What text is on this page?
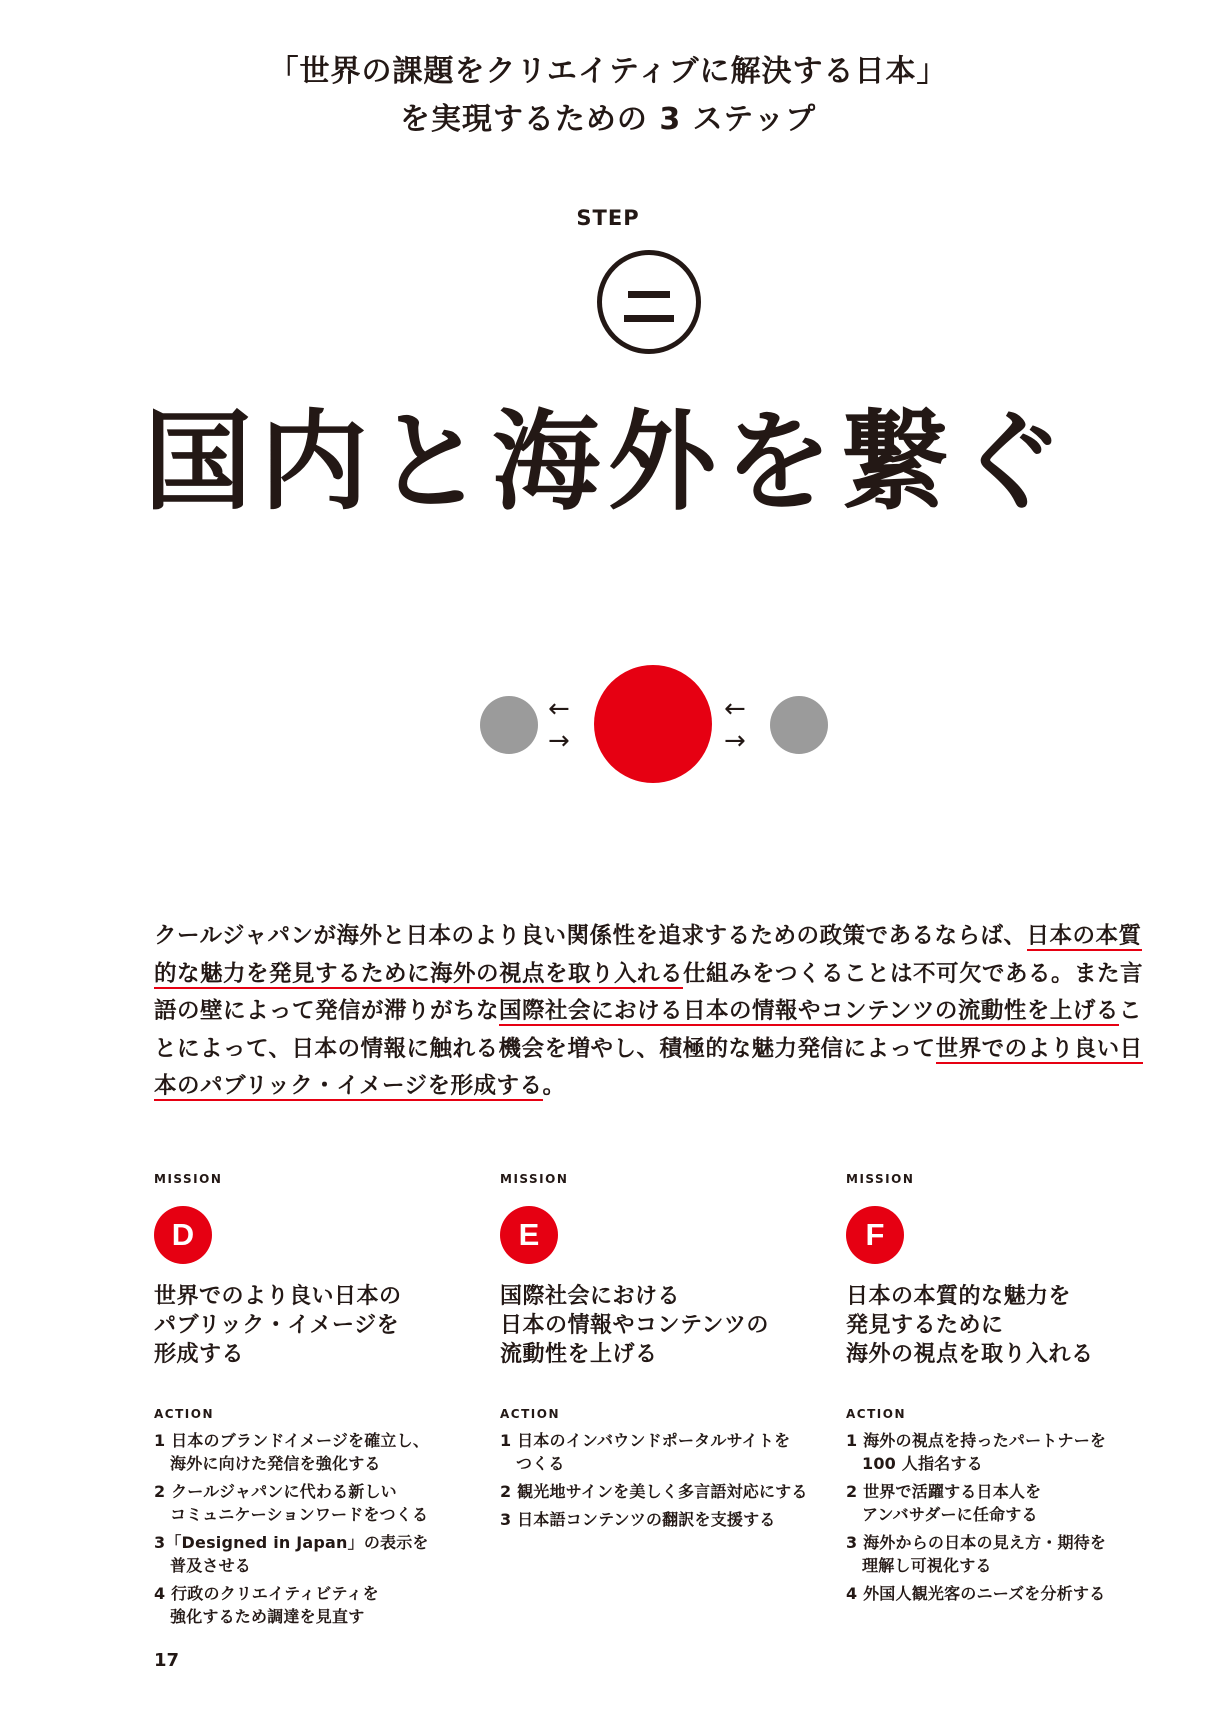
「世界の課題をクリエイティブに解決する日本」
を実現するための 3 ステップ
STEP
国内と海外を繋ぐ
←
→
←
→
クールジャパンが海外と日本のより良い関係性を追求するための政策であるならば、日本の本質的な魅力を発見するために海外の視点を取り入れる仕組みをつくることは不可欠である。また言語の壁によって発信が滞りがちな国際社会における日本の情報やコンテンツの流動性を上げることによって、日本の情報に触れる機会を増やし、積極的な魅力発信によって世界でのより良い日本のパブリック・イメージを形成する。
MISSION
D
世界でのより良い日本の
パブリック・イメージを
形成する
ACTION
1 日本のブランドイメージを確立し、
海外に向けた発信を強化する
2 クールジャパンに代わる新しい
コミュニケーションワードをつくる
3「Designed in Japan」の表示を
普及させる
4 行政のクリエイティビティを
強化するため調達を見直す
MISSION
E
国際社会における
日本の情報やコンテンツの
流動性を上げる
ACTION
1 日本のインバウンドポータルサイトを
つくる
2 観光地サインを美しく多言語対応にする
3 日本語コンテンツの翻訳を支援する
MISSION
F
日本の本質的な魅力を
発見するために
海外の視点を取り入れる
ACTION
1 海外の視点を持ったパートナーを
100 人指名する
2 世界で活躍する日本人を
アンバサダーに任命する
3 海外からの日本の見え方・期待を
理解し可視化する
4 外国人観光客のニーズを分析する
17
